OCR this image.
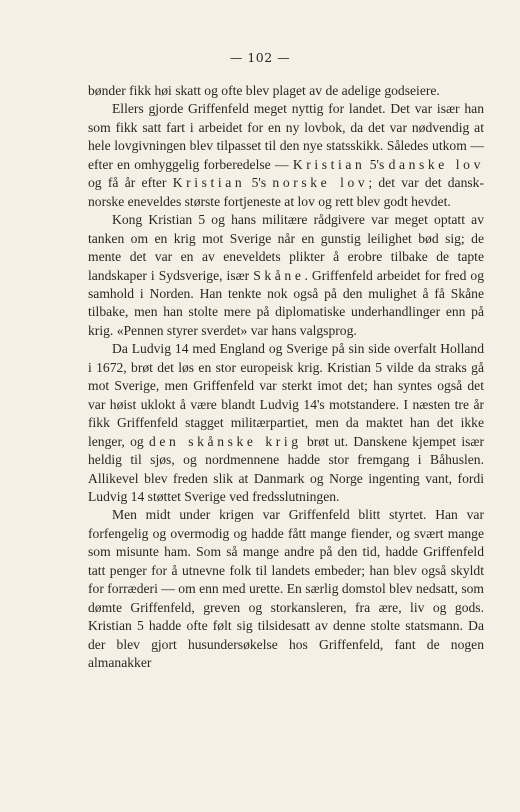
— 102 —

bønder fikk høi skatt og ofte blev plaget av de adelige godseiere.

Ellers gjorde Griffenfeld meget nyttig for landet. Det var især han som fikk satt fart i arbeidet for en ny lovbok, da det var nødvendig at hele lovgivningen blev tilpasset til den nye statsskikk. Således utkom — efter en omhyggelig forberedelse — Kristian 5's danske lov og få år efter Kristian 5's norske lov; det var det dansk-norske eneveldes største fortjeneste at lov og rett blev godt hevdet.

Kong Kristian 5 og hans militære rådgivere var meget optatt av tanken om en krig mot Sverige når en gunstig leilighet bød sig; de mente det var en av eneveldets plikter å erobre tilbake de tapte landskaper i Sydsverige, især Skåne. Griffenfeld arbeidet for fred og samhold i Norden. Han tenkte nok også på den mulighet å få Skåne tilbake, men han stolte mere på diplomatiske underhandlinger enn på krig. «Pennen styrer sverdet» var hans valgsprog.

Da Ludvig 14 med England og Sverige på sin side overfalt Holland i 1672, brøt det løs en stor europeisk krig. Kristian 5 vilde da straks gå mot Sverige, men Griffenfeld var sterkt imot det; han syntes også det var høist uklokt å være blandt Ludvig 14's motstandere. I næsten tre år fikk Griffenfeld stagget militærpartiet, men da maktet han det ikke lenger, og den skånske krig brøt ut. Danskene kjempet især heldig til sjøs, og nordmennene hadde stor fremgang i Båhuslen. Allikevel blev freden slik at Danmark og Norge ingenting vant, fordi Ludvig 14 støttet Sverige ved fredsslutningen.

Men midt under krigen var Griffenfeld blitt styrtet. Han var forfengelig og overmodig og hadde fått mange fiender, og svært mange som misunte ham. Som så mange andre på den tid, hadde Griffenfeld tatt penger for å utnevne folk til landets embeder; han blev også skyldt for forræderi — om enn med urette. En særlig domstol blev nedsatt, som dømte Griffenfeld, greven og storkansleren, fra ære, liv og gods. Kristian 5 hadde ofte følt sig tilsidesatt av denne stolte statsmann. Da der blev gjort husundersøkelse hos Griffenfeld, fant de nogen almanakker
